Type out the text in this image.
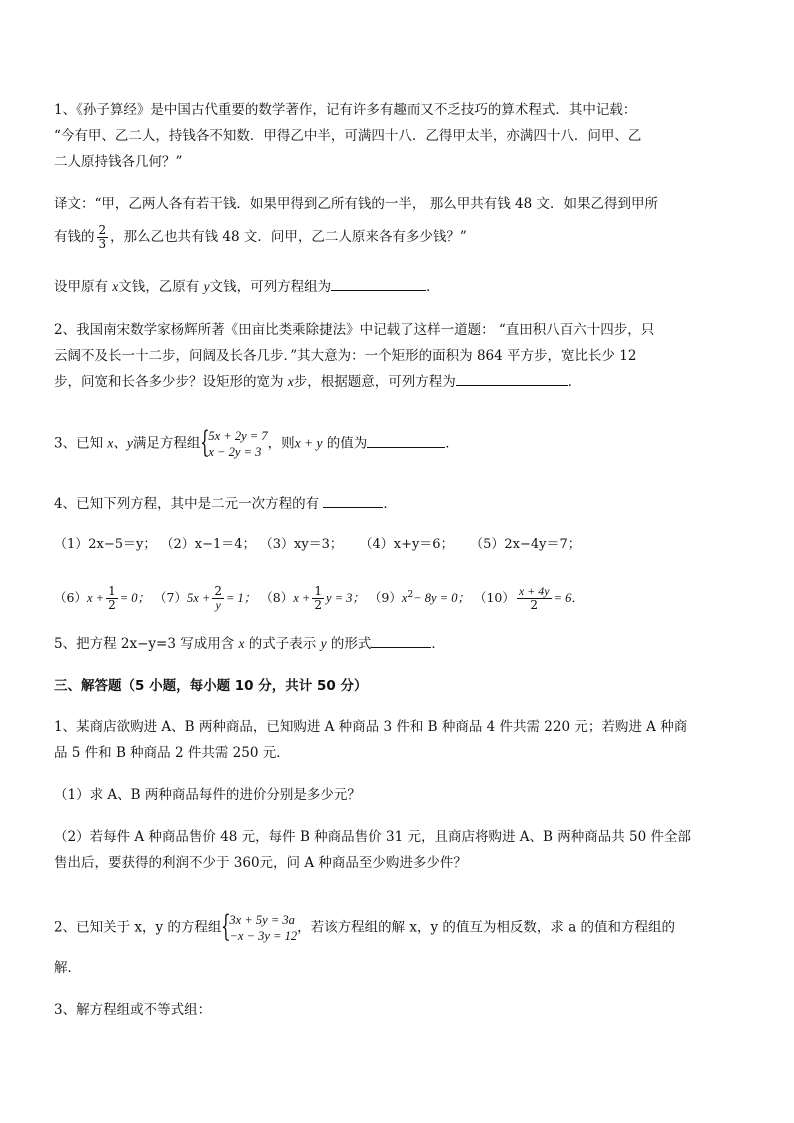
1、《孙子算经》是中国古代重要的数学著作，记有许多有趣而又不乏技巧的算术程式．其中记载：
“今有甲、乙二人，持钱各不知数．甲得乙中半，可满四十八．乙得甲太半，亦满四十八．问甲、乙
二人原持钱各几何？”
译文：“甲，乙两人各有若干钱．如果甲得到乙所有钱的一半， 那么甲共有钱 48 文．如果乙得到甲所
有钱的 $\frac{2}{3}$ ，那么乙也共有钱 48 文．问甲，乙二人原来各有多少钱？”
设甲原有 x文钱，乙原有 y文钱，可列方程组为	．
2、我国南宋数学家杨辉所著《田亩比类乘除捷法》中记载了这样一道题： “直田积八百六十四步，只
云阔不及长一十二步，问阔及长各几步．”其大意为：一个矩形的面积为 864 平方步，宽比长少 12
步，问宽和长各多少步？设矩形的宽为 x步，根据题意，可列方程为	．
3、已知 x、y满足方程组 {
5x + 2y = 7
x − 2y = 3
，则x + y 的值为	．
4、已知下列方程，其中是二元一次方程的有	．
（1）2x−5＝y； （2）x−1＝4； （3）xy＝3； （4）x+y＝6； （5）2x−4y＝7；
$(6)x + \frac{1}{2} = 0$； $(7)5x + \frac{2}{y} = 1$； $(8)x + \frac{1}{2}$ y = 3； $(9)x^2- 8y = 0$； $(10) \frac{x + 4y}{2} = 6$．
5、把方程 2x−y=3 写成用含 x 的式子表示 y 的形式	．
三、解答题（5 小题，每小题 10 分，共计 50 分）
1、某商店欲购进 A、B 两种商品，已知购进 A 种商品 3 件和 B 种商品 4 件共需 220 元；若购进 A 种商
品 5 件和 B 种商品 2 件共需 250 元．
（1）求 A、B 两种商品每件的进价分别是多少元？
（2）若每件 A 种商品售价 48 元，每件 B 种商品售价 31 元，且商店将购进 A、B 两种商品共 50 件全部
售出后，要获得的利润不少于 360元，问 A 种商品至少购进多少件？
2、已知关于 x，y 的方程组 {
3x + 5y = 3a
−x − 3y = 12
，若该方程组的解 x，y 的值互为相反数，求 a 的值和方程组的
解．
3、解方程组或不等式组：
